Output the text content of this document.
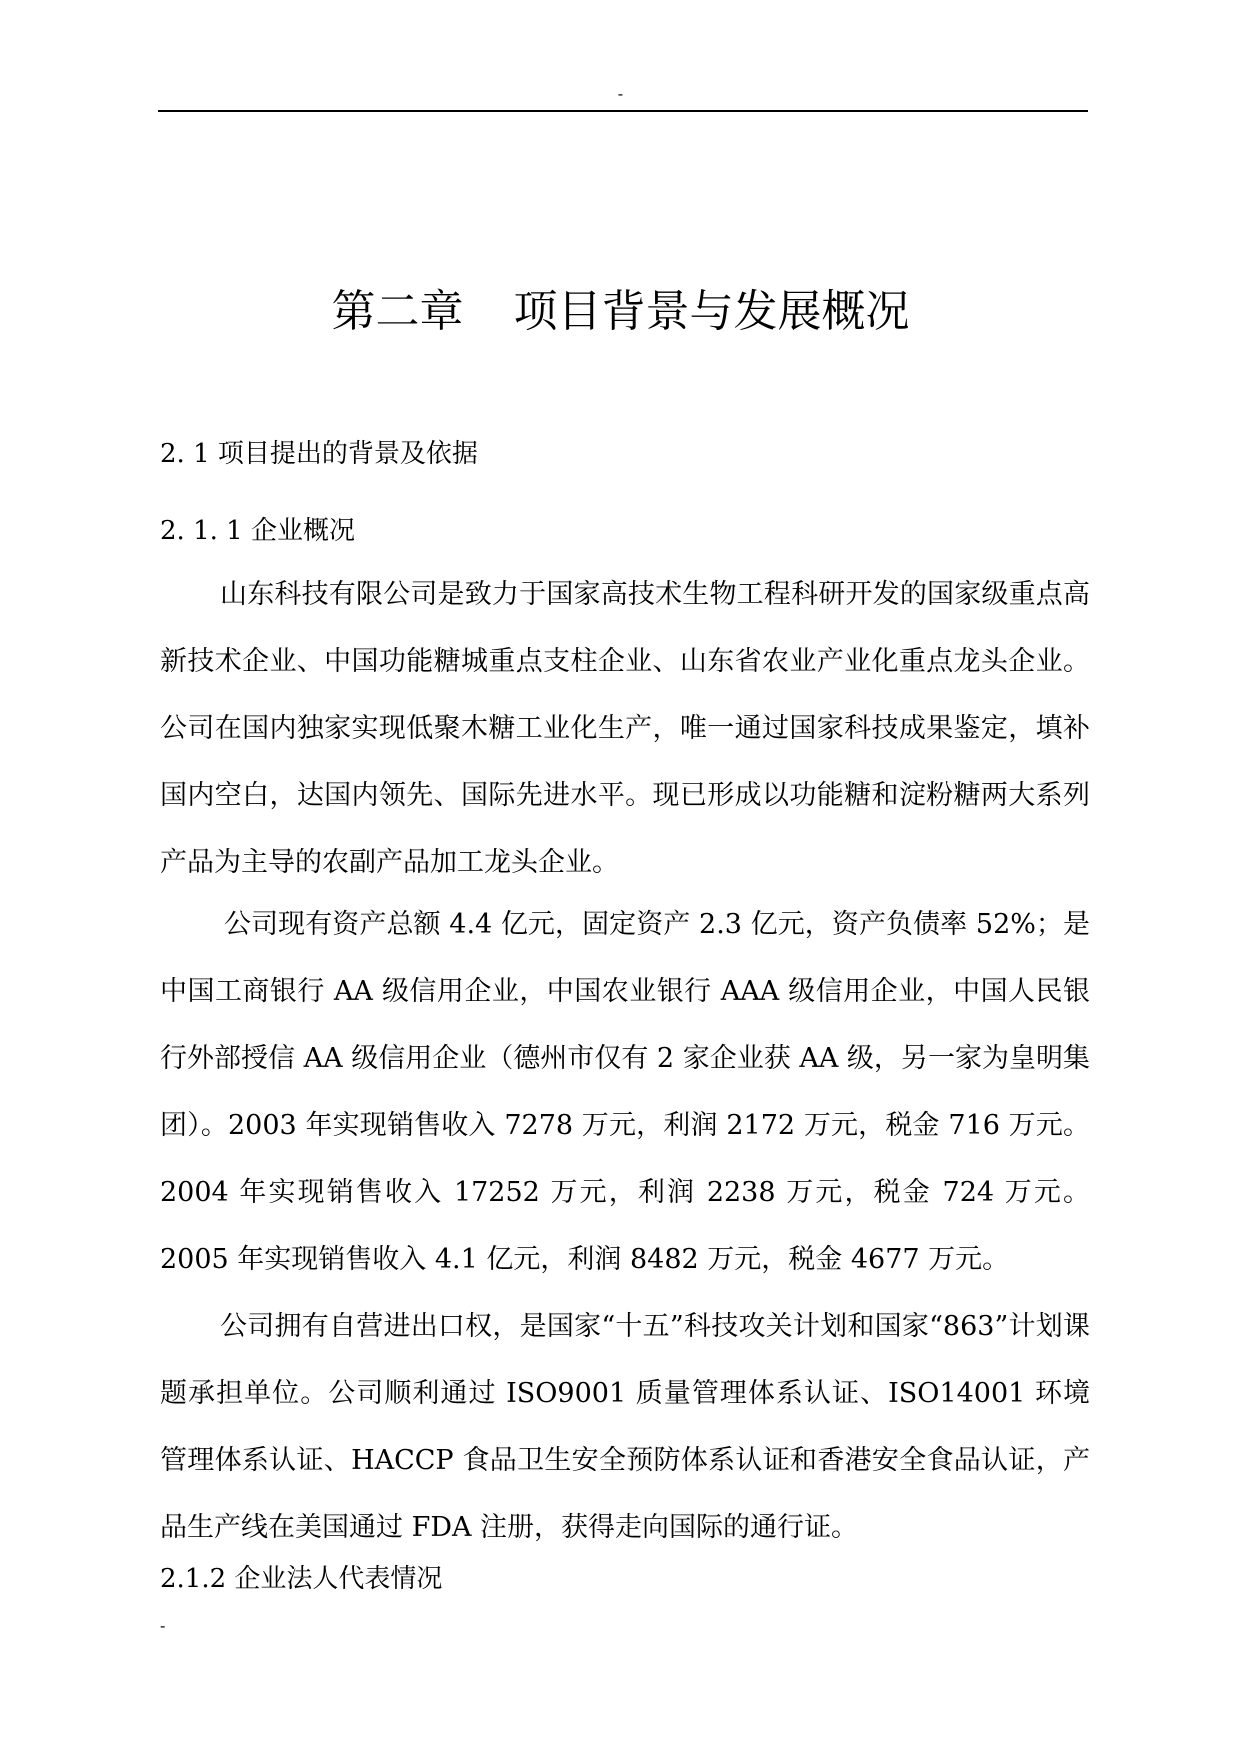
-
第二章 项目背景与发展概况
2. 1 项目提出的背景及依据
2. 1. 1 企业概况

山东科技有限公司是致力于国家高技术生物工程科研开发的国家级重点高新技术企业、中国功能糖城重点支柱企业、山东省农业产业化重点龙头企业。公司在国内独家实现低聚木糖工业化生产，唯一通过国家科技成果鉴定，填补国内空白，达国内领先、国际先进水平。现已形成以功能糖和淀粉糖两大系列产品为主导的农副产品加工龙头企业。

公司现有资产总额 4.4 亿元，固定资产 2.3 亿元，资产负债率 52%；是中国工商银行 AA 级信用企业，中国农业银行 AAA 级信用企业，中国人民银行外部授信 AA 级信用企业（德州市仅有 2 家企业获 AA 级，另一家为皇明集团）。2003 年实现销售收入 7278 万元，利润 2172 万元，税金 716 万元。2004 年实现销售收入 17252 万元，利润 2238 万元，税金 724 万元。2005 年实现销售收入 4.1 亿元，利润 8482 万元，税金 4677 万元。

公司拥有自营进出口权，是国家“十五”科技攻关计划和国家“863”计划课题承担单位。公司顺利通过 ISO9001 质量管理体系认证、ISO14001 环境管理体系认证、HACCP 食品卫生安全预防体系认证和香港安全食品认证，产品生产线在美国通过 FDA 注册，获得走向国际的通行证。

2.1.2 企业法人代表情况
-
